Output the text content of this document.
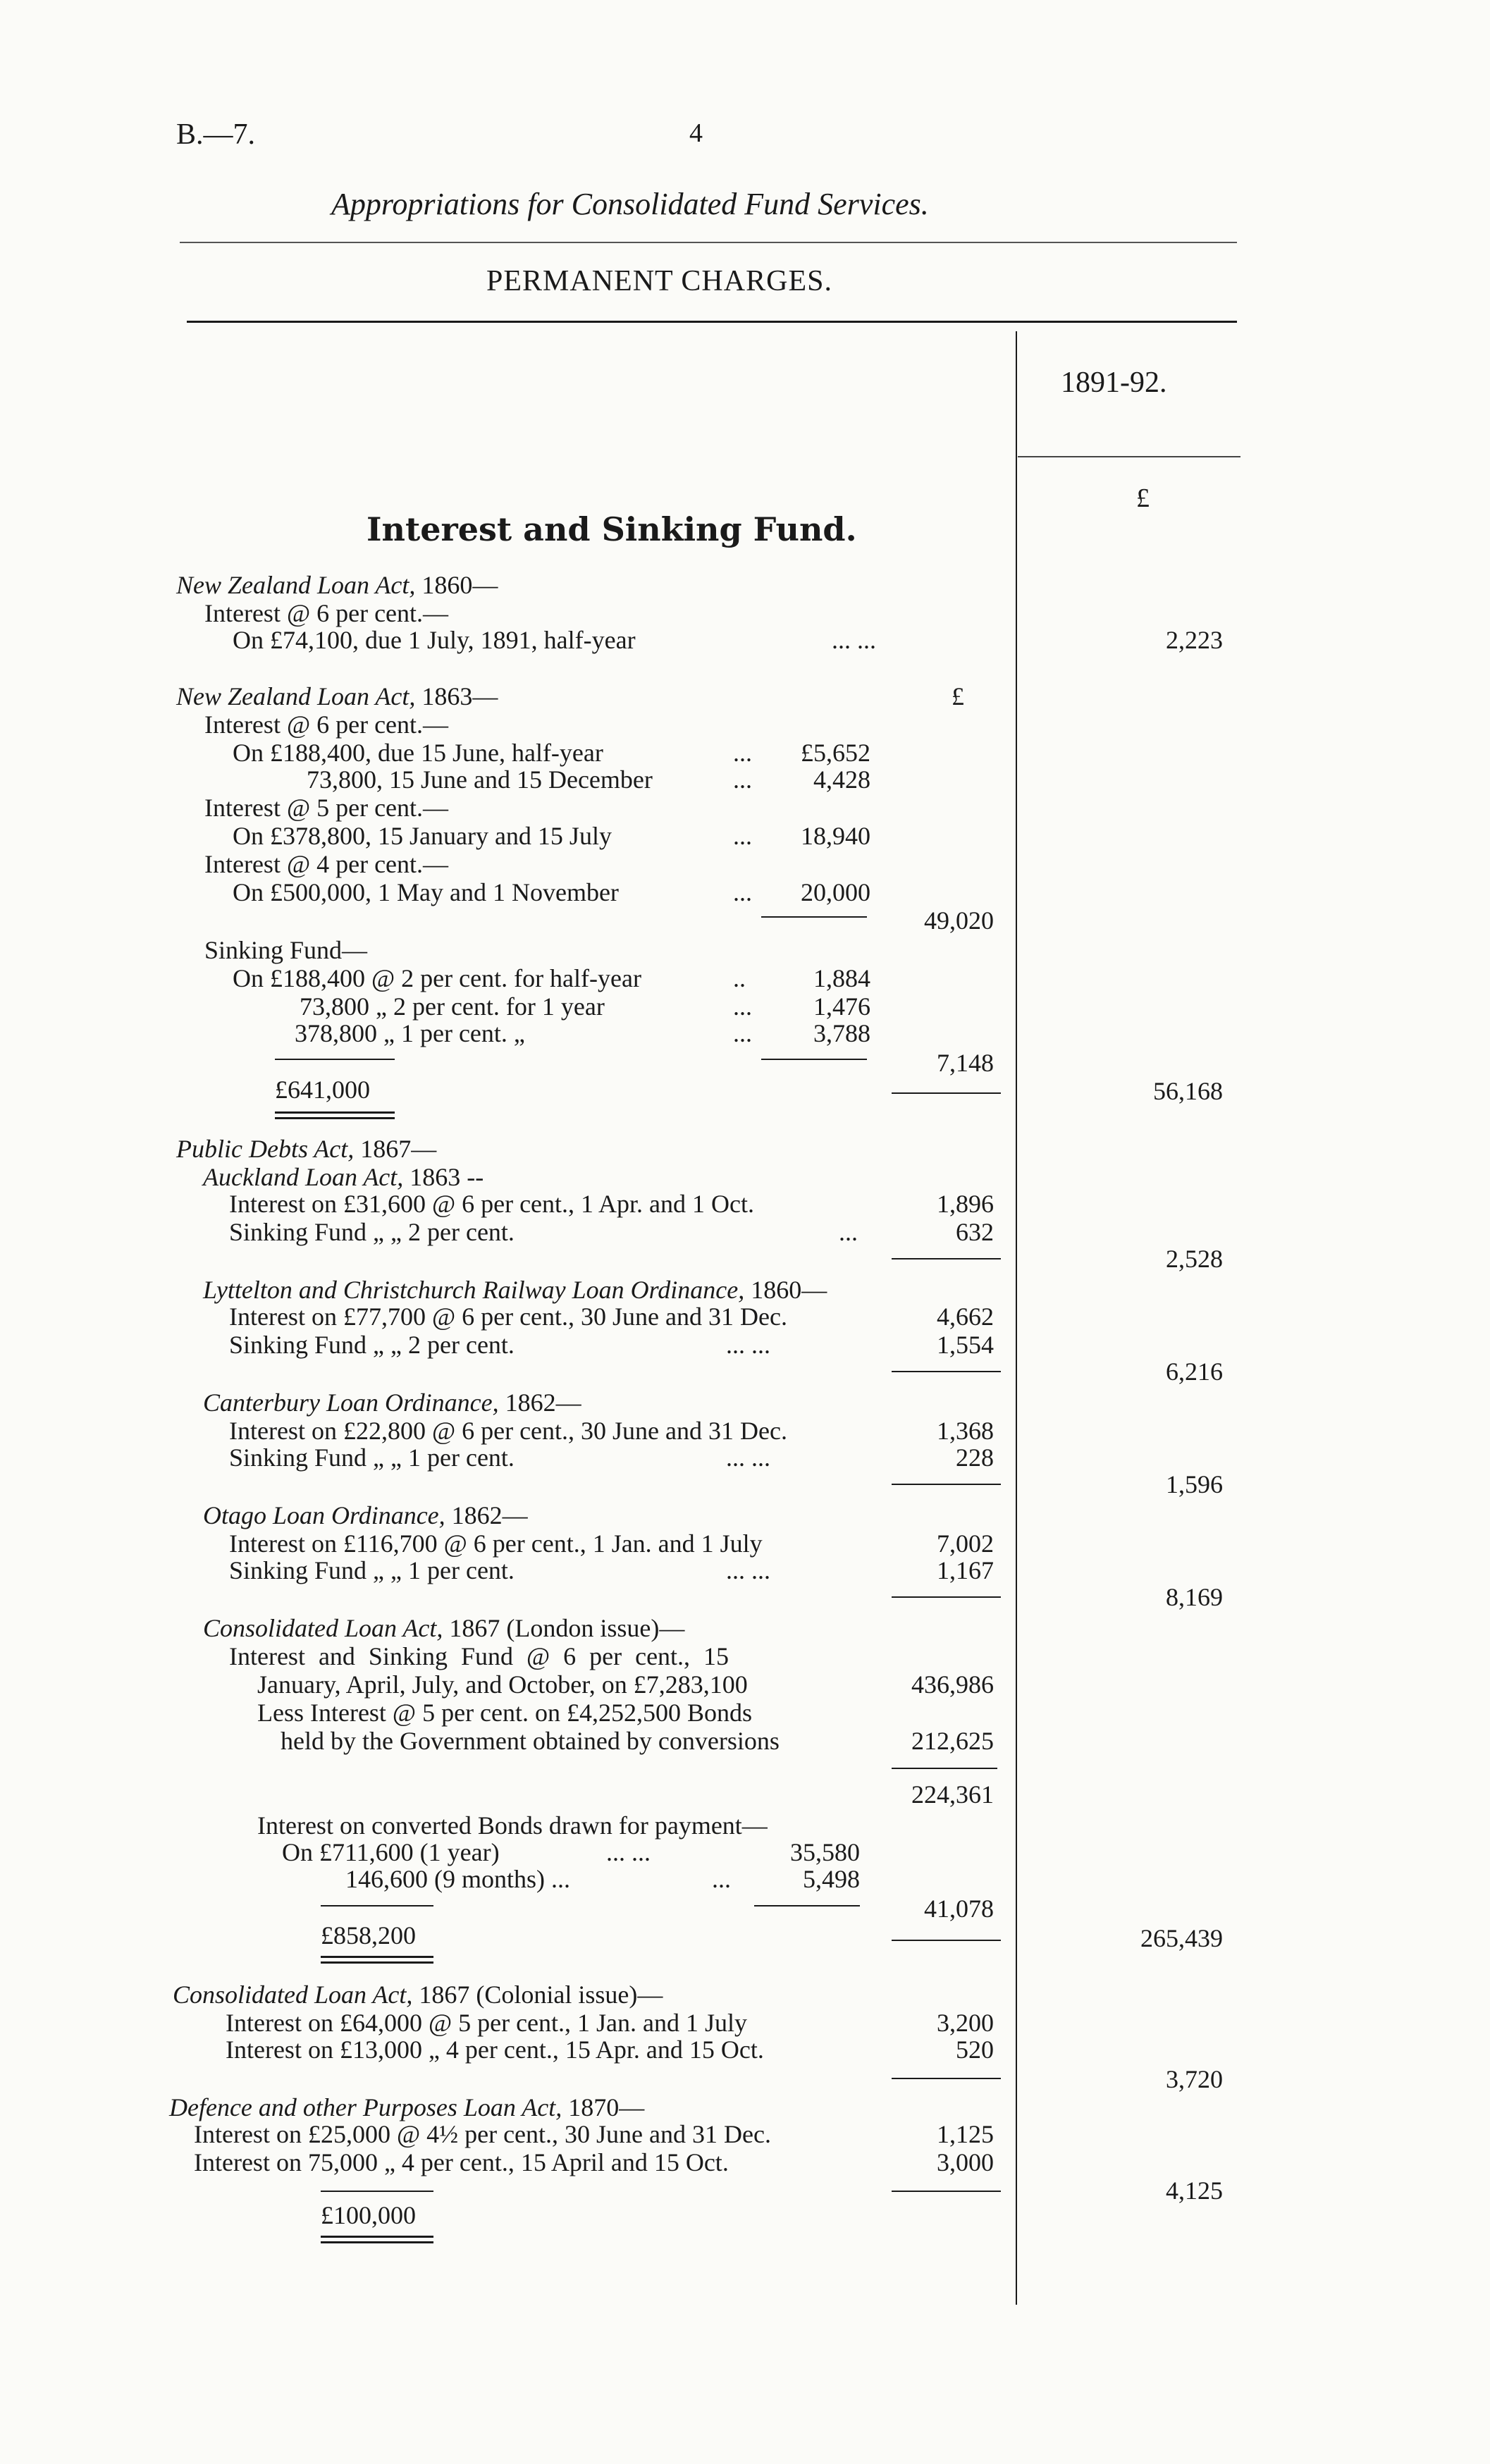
B.—7.	4
Appropriations for Consolidated Fund Services.
PERMANENT CHARGES.
1891-92.
£
Interest and Sinking Fund.
New Zealand Loan Act, 1860—
Interest @ 6 per cent.—
On £74,100, due 1 July, 1891, half-year	... ...	2,223
New Zealand Loan Act, 1863—	£
Interest @ 6 per cent.—
On £188,400, due 15 June, half-year	...	£5,652
73,800, 15 June and 15 December	...	4,428
Interest @ 5 per cent.—
On £378,800, 15 January and 15 July	...	18,940
Interest @ 4 per cent.—
On £500,000, 1 May and 1 November	...	20,000
49,020
Sinking Fund—
On £188,400 @ 2 per cent. for half-year	..	1,884
73,800 „ 2 per cent. for 1 year	...	1,476
378,800 „ 1 per cent. „	...	3,788
7,148
£641,000	56,168
Public Debts Act, 1867—
Auckland Loan Act, 1863 --
Interest on £31,600 @ 6 per cent., 1 Apr. and 1 Oct.	1,896
Sinking Fund „ „ 2 per cent.	...	632
2,528
Lyttelton and Christchurch Railway Loan Ordinance, 1860—
Interest on £77,700 @ 6 per cent., 30 June and 31 Dec.	4,662
Sinking Fund „ „ 2 per cent.	... ...	1,554
6,216
Canterbury Loan Ordinance, 1862—
Interest on £22,800 @ 6 per cent., 30 June and 31 Dec.	1,368
Sinking Fund „ „ 1 per cent.	... ...	228
1,596
Otago Loan Ordinance, 1862—
Interest on £116,700 @ 6 per cent., 1 Jan. and 1 July	7,002
Sinking Fund „ „ 1 per cent.	... ...	1,167
8,169
Consolidated Loan Act, 1867 (London issue)—
Interest and Sinking Fund @ 6 per cent., 15
January, April, July, and October, on £7,283,100	436,986
Less Interest @ 5 per cent. on £4,252,500 Bonds
held by the Government obtained by conversions	212,625
224,361
Interest on converted Bonds drawn for payment—
On £711,600 (1 year)	... ...	35,580
146,600 (9 months) ...	...	5,498
41,078
£858,200	265,439
Consolidated Loan Act, 1867 (Colonial issue)—
Interest on £64,000 @ 5 per cent., 1 Jan. and 1 July	3,200
Interest on £13,000 „ 4 per cent., 15 Apr. and 15 Oct.	520
3,720
Defence and other Purposes Loan Act, 1870—
Interest on £25,000 @ 4½ per cent., 30 June and 31 Dec.	1,125
Interest on 75,000 „ 4 per cent., 15 April and 15 Oct.	3,000
4,125
£100,000
